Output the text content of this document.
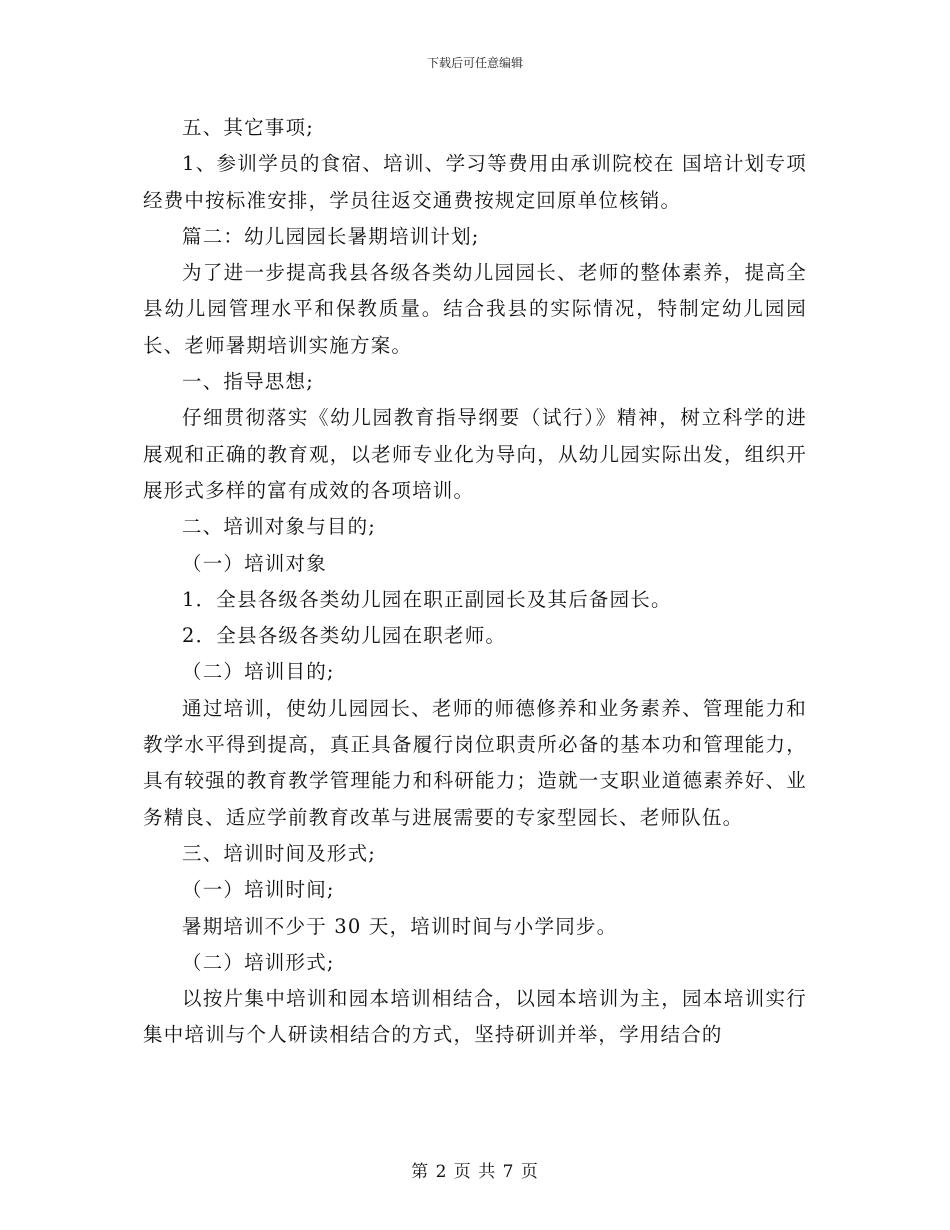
下载后可任意编辑

五、其它事项;

1、参训学员的食宿、培训、学习等费用由承训院校在 国培计划专项经费中按标准安排，学员往返交通费按规定回原单位核销。

篇二：幼儿园园长暑期培训计划;

为了进一步提高我县各级各类幼儿园园长、老师的整体素养，提高全县幼儿园管理水平和保教质量。结合我县的实际情况，特制定幼儿园园长、老师暑期培训实施方案。

一、指导思想;

仔细贯彻落实《幼儿园教育指导纲要（试行）》精神，树立科学的进展观和正确的教育观，以老师专业化为导向，从幼儿园实际出发，组织开展形式多样的富有成效的各项培训。

二、培训对象与目的;

（一）培训对象

1．全县各级各类幼儿园在职正副园长及其后备园长。

2．全县各级各类幼儿园在职老师。

（二）培训目的;

通过培训，使幼儿园园长、老师的师德修养和业务素养、管理能力和教学水平得到提高，真正具备履行岗位职责所必备的基本功和管理能力，具有较强的教育教学管理能力和科研能力；造就一支职业道德素养好、业务精良、适应学前教育改革与进展需要的专家型园长、老师队伍。

三、培训时间及形式;

（一）培训时间;

暑期培训不少于 30 天，培训时间与小学同步。

（二）培训形式;

以按片集中培训和园本培训相结合，以园本培训为主，园本培训实行集中培训与个人研读相结合的方式，坚持研训并举，学用结合的

第 2 页 共 7 页
